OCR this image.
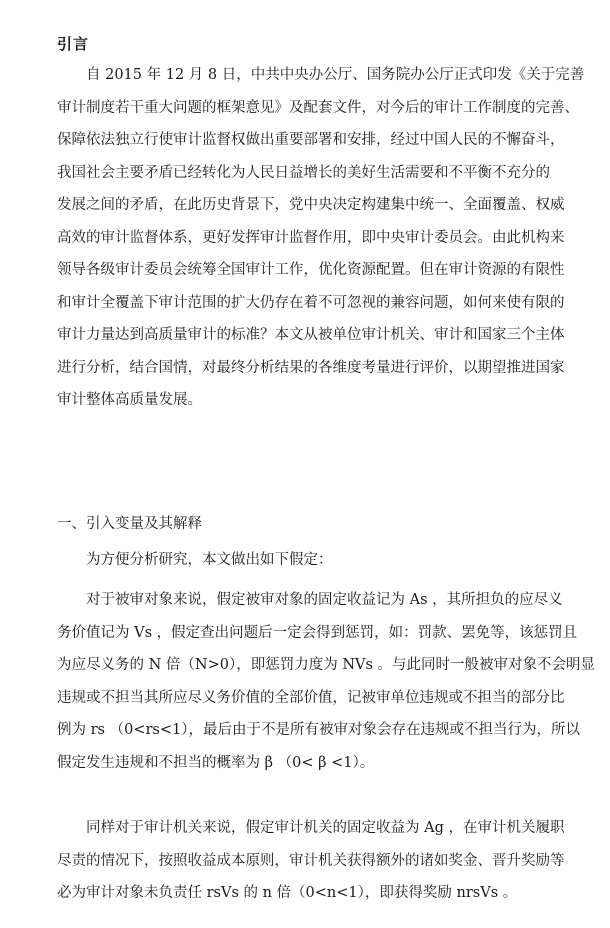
引言

自 2015 年 12 月 8 日，中共中央办公厅、国务院办公厅正式印发《关于完善
审计制度若干重大问题的框架意见》及配套文件，对今后的审计工作制度的完善、
保障依法独立行使审计监督权做出重要部署和安排，经过中国人民的不懈奋斗，
我国社会主要矛盾已经转化为人民日益增长的美好生活需要和不平衡不充分的
发展之间的矛盾，在此历史背景下，党中央决定构建集中统一、全面覆盖、权威
高效的审计监督体系，更好发挥审计监督作用，即中央审计委员会。由此机构来
领导各级审计委员会统筹全国审计工作，优化资源配置。但在审计资源的有限性
和审计全覆盖下审计范围的扩大仍存在着不可忽视的兼容问题，如何来使有限的
审计力量达到高质量审计的标准？本文从被单位审计机关、审计和国家三个主体
进行分析，结合国情，对最终分析结果的各维度考量进行评价，以期望推进国家
审计整体高质量发展。

一、引入变量及其解释

为方便分析研究，本文做出如下假定：

对于被审对象来说，假定被审对象的固定收益记为 As ，其所担负的应尽义
务价值记为 Vs ，假定查出问题后一定会得到惩罚，如：罚款、罢免等，该惩罚且
为应尽义务的 N 倍（N>0），即惩罚力度为 NVs 。与此同时一般被审对象不会明显
违规或不担当其所应尽义务价值的全部价值，记被审单位违规或不担当的部分比
例为 rs （0<rs<1），最后由于不是所有被审对象会存在违规或不担当行为，所以
假定发生违规和不担当的概率为 β （0< β <1）。

同样对于审计机关来说，假定审计机关的固定收益为 Ag ，在审计机关履职
尽责的情况下，按照收益成本原则，审计机关获得额外的诸如奖金、晋升奖励等
必为审计对象未负责任 rsVs 的 n 倍（0<n<1），即获得奖励 nrsVs 。
